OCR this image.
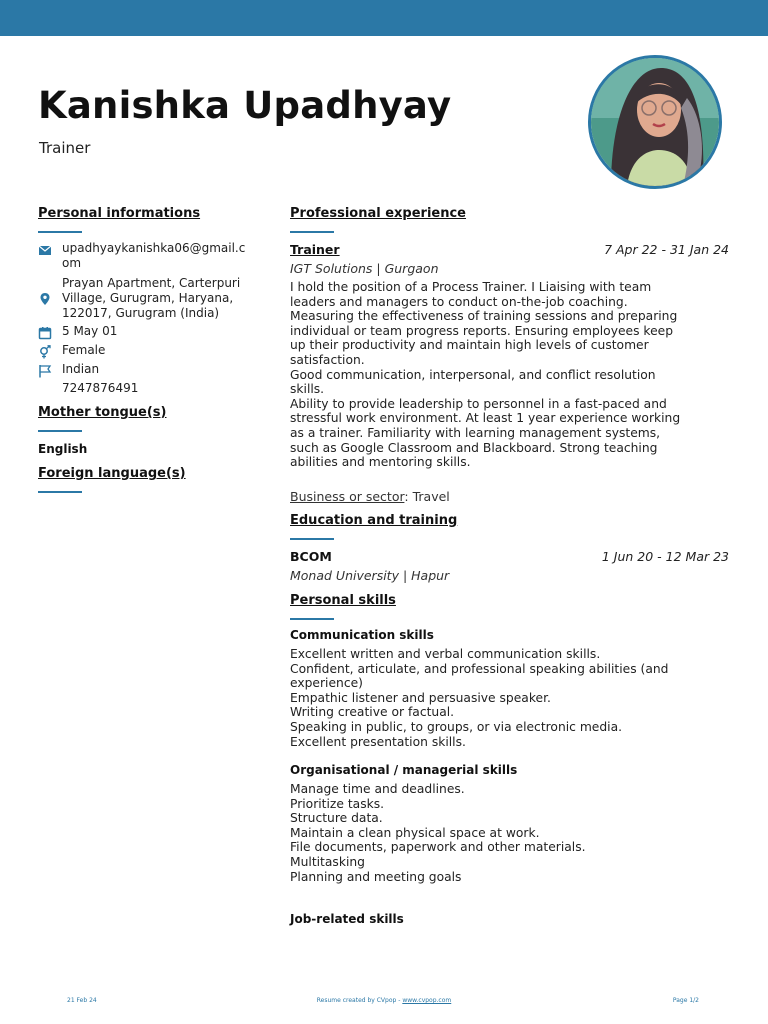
Kanishka Upadhyay
Trainer
Personal informations
upadhyaykanishka06@gmail.c
om
Prayan Apartment, Carterpuri
Village, Gurugram, Haryana,
122017, Gurugram (India)
5 May 01
Female
Indian
7247876491
Mother tongue(s)
English
Foreign language(s)
Professional experience
Trainer	7 Apr 22 - 31 Jan 24
IGT Solutions | Gurgaon

I hold the position of a Process Trainer. I Liaising with team
leaders and managers to conduct on-the-job coaching.
Measuring the effectiveness of training sessions and preparing
individual or team progress reports. Ensuring employees keep
up their productivity and maintain high levels of customer
satisfaction.
Good communication, interpersonal, and conflict resolution
skills.
Ability to provide leadership to personnel in a fast-paced and
stressful work environment. At least 1 year experience working
as a trainer. Familiarity with learning management systems,
such as Google Classroom and Blackboard. Strong teaching
abilities and mentoring skills.

Business or sector: Travel
Education and training
BCOM	1 Jun 20 - 12 Mar 23
Monad University | Hapur
Personal skills
Communication skills

Excellent written and verbal communication skills.
Confident, articulate, and professional speaking abilities (and
experience)
Empathic listener and persuasive speaker.
Writing creative or factual.
Speaking in public, to groups, or via electronic media.
Excellent presentation skills.

Organisational / managerial skills

Manage time and deadlines.
Prioritize tasks.
Structure data.
Maintain a clean physical space at work.
File documents, paperwork and other materials.
Multitasking
Planning and meeting goals

Job-related skills
21 Feb 24	Resume created by CVpop - www.cvpop.com	Page 1/2
